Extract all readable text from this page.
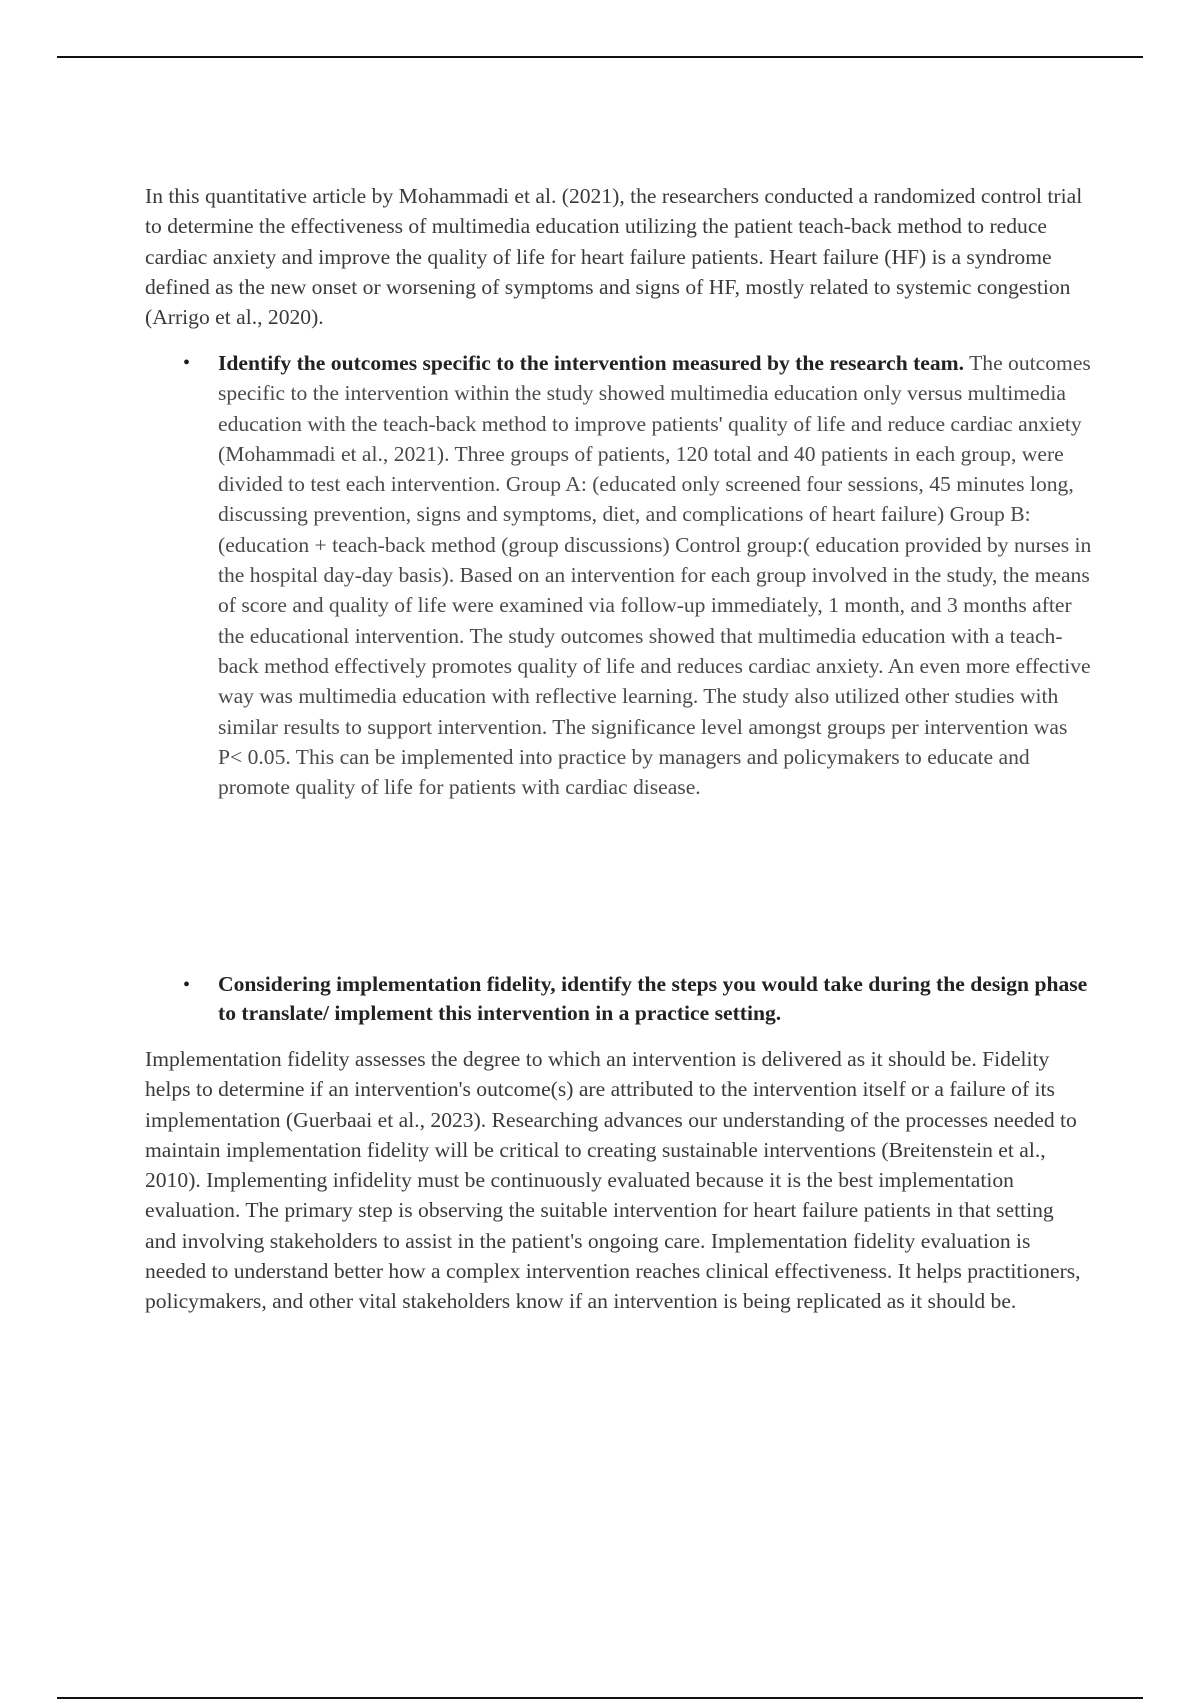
In this quantitative article by Mohammadi et al. (2021), the researchers conducted a randomized control trial to determine the effectiveness of multimedia education utilizing the patient teach-back method to reduce cardiac anxiety and improve the quality of life for heart failure patients. Heart failure (HF) is a syndrome defined as the new onset or worsening of symptoms and signs of HF, mostly related to systemic congestion (Arrigo et al., 2020).

• Identify the outcomes specific to the intervention measured by the research team. The outcomes specific to the intervention within the study showed multimedia education only versus multimedia education with the teach-back method to improve patients' quality of life and reduce cardiac anxiety (Mohammadi et al., 2021). Three groups of patients, 120 total and 40 patients in each group, were divided to test each intervention. Group A: (educated only screened four sessions, 45 minutes long, discussing prevention, signs and symptoms, diet, and complications of heart failure) Group B: (education + teach-back method (group discussions) Control group:( education provided by nurses in the hospital day-day basis). Based on an intervention for each group involved in the study, the means of score and quality of life were examined via follow-up immediately, 1 month, and 3 months after the educational intervention. The study outcomes showed that multimedia education with a teach-back method effectively promotes quality of life and reduces cardiac anxiety. An even more effective way was multimedia education with reflective learning. The study also utilized other studies with similar results to support intervention. The significance level amongst groups per intervention was P< 0.05. This can be implemented into practice by managers and policymakers to educate and promote quality of life for patients with cardiac disease.
• Considering implementation fidelity, identify the steps you would take during the design phase to translate/ implement this intervention in a practice setting.

Implementation fidelity assesses the degree to which an intervention is delivered as it should be. Fidelity helps to determine if an intervention's outcome(s) are attributed to the intervention itself or a failure of its implementation (Guerbaai et al., 2023). Researching advances our understanding of the processes needed to maintain implementation fidelity will be critical to creating sustainable interventions (Breitenstein et al., 2010). Implementing infidelity must be continuously evaluated because it is the best implementation evaluation. The primary step is observing the suitable intervention for heart failure patients in that setting and involving stakeholders to assist in the patient's ongoing care. Implementation fidelity evaluation is needed to understand better how a complex intervention reaches clinical effectiveness. It helps practitioners, policymakers, and other vital stakeholders know if an intervention is being replicated as it should be.
